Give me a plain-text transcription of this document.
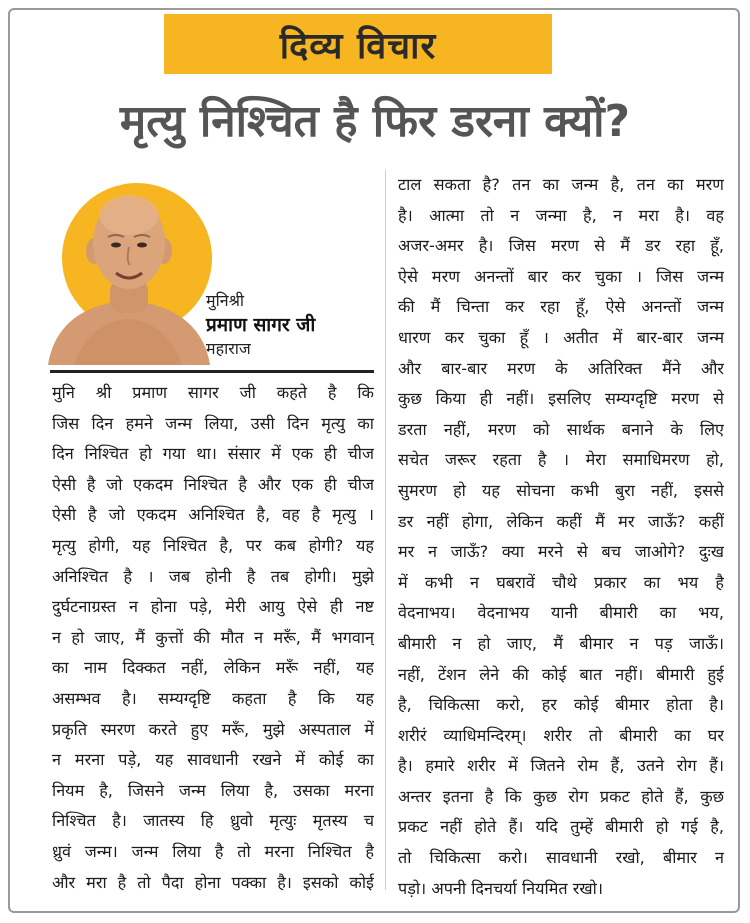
दिव्य विचार
मृत्यु निश्चित है फिर डरना क्यों?
मुनिश्री
प्रमाण सागर जी
महाराज
मुनि श्री प्रमाण सागर जी कहते है कि
जिस दिन हमने जन्म लिया, उसी दिन मृत्यु का
दिन निश्चित हो गया था। संसार में एक ही चीज
ऐसी है जो एकदम निश्चित है और एक ही चीज
ऐसी है जो एकदम अनिश्चित है, वह है मृत्यु ।
मृत्यु होगी, यह निश्चित है, पर कब होगी? यह
अनिश्चित है । जब होनी है तब होगी। मुझे
दुर्घटनाग्रस्त न होना पड़े, मेरी आयु ऐसे ही नष्ट
न हो जाए, मैं कुत्तों की मौत न मरूँ, मैं भगवान्
का नाम दिक्कत नहीं, लेकिन मरूँ नहीं, यह
असम्भव है। सम्यग्दृष्टि कहता है कि यह
प्रकृति स्मरण करते हुए मरूँ, मुझे अस्पताल में
न मरना पड़े, यह सावधानी रखने में कोई का
नियम है, जिसने जन्म लिया है, उसका मरना
निश्चित है। जातस्य हि ध्रुवो मृत्युः मृतस्य च
ध्रुवं जन्म। जन्म लिया है तो मरना निश्चित है
और मरा है तो पैदा होना पक्का है। इसको कोई
टाल सकता है? तन का जन्म है, तन का मरण
है। आत्मा तो न जन्मा है, न मरा है। वह
अजर-अमर है। जिस मरण से मैं डर रहा हूँ,
ऐसे मरण अनन्तों बार कर चुका । जिस जन्म
की मैं चिन्ता कर रहा हूँ, ऐसे अनन्तों जन्म
धारण कर चुका हूँ । अतीत में बार-बार जन्म
और बार-बार मरण के अतिरिक्त मैंने और
कुछ किया ही नहीं। इसलिए सम्यग्दृष्टि मरण से
डरता नहीं, मरण को सार्थक बनाने के लिए
सचेत जरूर रहता है । मेरा समाधिमरण हो,
सुमरण हो यह सोचना कभी बुरा नहीं, इससे
डर नहीं होगा, लेकिन कहीं मैं मर जाऊँ? कहीं
मर न जाऊँ? क्या मरने से बच जाओगे? दुःख
में कभी न घबरावें चौथे प्रकार का भय है
वेदनाभय। वेदनाभय यानी बीमारी का भय,
बीमारी न हो जाए, मैं बीमार न पड़ जाऊँ।
नहीं, टेंशन लेने की कोई बात नहीं। बीमारी हुई
है, चिकित्सा करो, हर कोई बीमार होता है।
शरीरं व्याधिमन्दिरम्। शरीर तो बीमारी का घर
है। हमारे शरीर में जितने रोम हैं, उतने रोग हैं।
अन्तर इतना है कि कुछ रोग प्रकट होते हैं, कुछ
प्रकट नहीं होते हैं। यदि तुम्हें बीमारी हो गई है,
तो चिकित्सा करो। सावधानी रखो, बीमार न
पड़ो। अपनी दिनचर्या नियमित रखो।
